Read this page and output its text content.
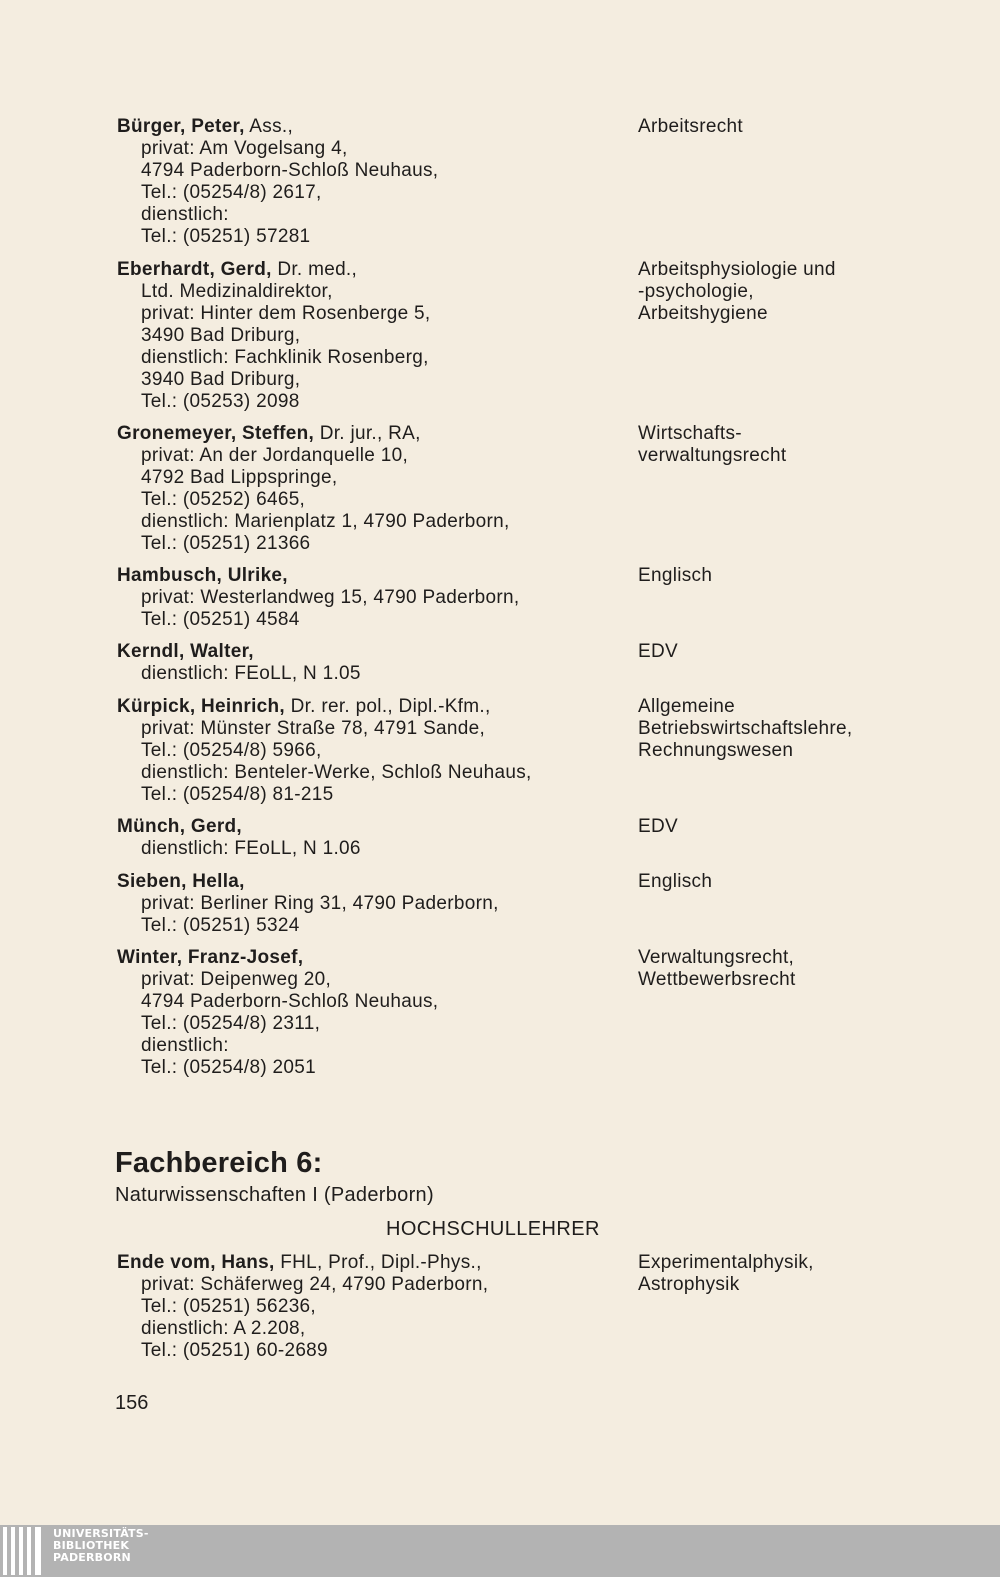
Bürger, Peter, Ass.,
privat: Am Vogelsang 4,
4794 Paderborn-Schloß Neuhaus,
Tel.: (05254/8) 2617,
dienstlich:
Tel.: (05251) 57281
Arbeitsrecht
Eberhardt, Gerd, Dr. med.,
Ltd. Medizinaldirektor,
privat: Hinter dem Rosenberge 5,
3490 Bad Driburg,
dienstlich: Fachklinik Rosenberg,
3940 Bad Driburg,
Tel.: (05253) 2098
Arbeitsphysiologie und
-psychologie,
Arbeitshygiene
Gronemeyer, Steffen, Dr. jur., RA,
privat: An der Jordanquelle 10,
4792 Bad Lippspringe,
Tel.: (05252) 6465,
dienstlich: Marienplatz 1, 4790 Paderborn,
Tel.: (05251) 21366
Wirtschafts-
verwaltungsrecht
Hambusch, Ulrike,
privat: Westerlandweg 15, 4790 Paderborn,
Tel.: (05251) 4584
Englisch
Kerndl, Walter,
dienstlich: FEoLL, N 1.05
EDV
Kürpick, Heinrich, Dr. rer. pol., Dipl.-Kfm.,
privat: Münster Straße 78, 4791 Sande,
Tel.: (05254/8) 5966,
dienstlich: Benteler-Werke, Schloß Neuhaus,
Tel.: (05254/8) 81-215
Allgemeine
Betriebswirtschaftslehre,
Rechnungswesen
Münch, Gerd,
dienstlich: FEoLL, N 1.06
EDV
Sieben, Hella,
privat: Berliner Ring 31, 4790 Paderborn,
Tel.: (05251) 5324
Englisch
Winter, Franz-Josef,
privat: Deipenweg 20,
4794 Paderborn-Schloß Neuhaus,
Tel.: (05254/8) 2311,
dienstlich:
Tel.: (05254/8) 2051
Verwaltungsrecht,
Wettbewerbsrecht
Fachbereich 6:
Naturwissenschaften I (Paderborn)
HOCHSCHULLEHRER
Ende vom, Hans, FHL, Prof., Dipl.-Phys.,
privat: Schäferweg 24, 4790 Paderborn,
Tel.: (05251) 56236,
dienstlich: A 2.208,
Tel.: (05251) 60-2689
Experimentalphysik,
Astrophysik
156
UNIVERSITÄTS-
BIBLIOTHEK
PADERBORN
